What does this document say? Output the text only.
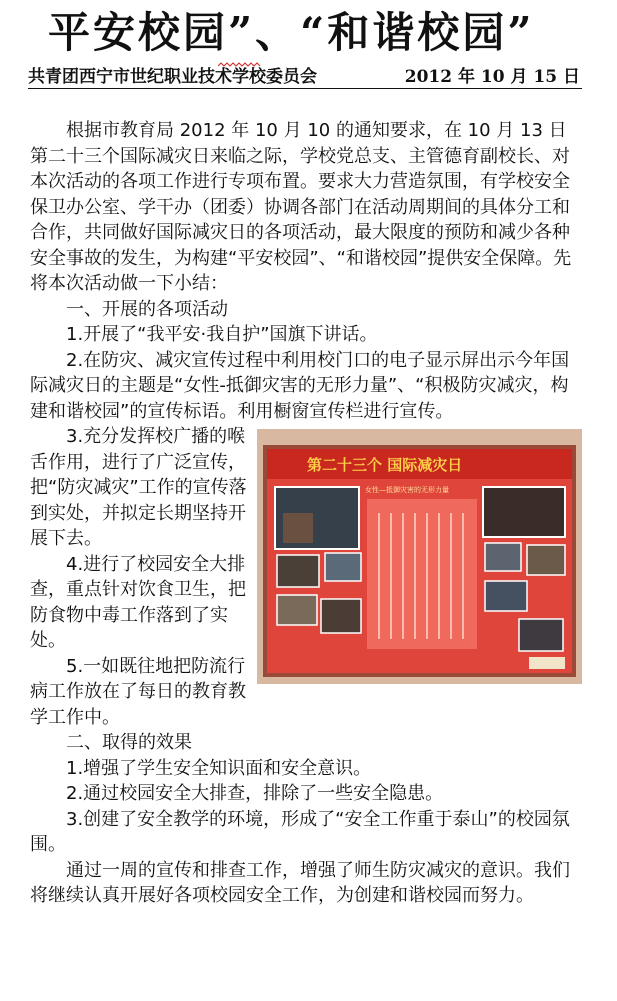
平安校园”、“和谐校园”
共青团西宁市世纪职业技术学校委员会	2012 年 10 月 15 日

根据市教育局 2012 年 10 月 10 的通知要求，在 10 月 13 日第二十三个国际减灾日来临之际，学校党总支、主管德育副校长、对本次活动的各项工作进行专项布置。要求大力营造氛围，有学校安全保卫办公室、学干办（团委）协调各部门在活动周期间的具体分工和合作，共同做好国际减灾日的各项活动，最大限度的预防和减少各种安全事故的发生，为构建“平安校园”、“和谐校园”提供安全保障。先将本次活动做一下小结：

一、开展的各项活动

1.开展了“我平安·我自护”国旗下讲话。

2.在防灾、减灾宣传过程中利用校门口的电子显示屏出示今年国际减灾日的主题是“女性-抵御灾害的无形力量”、“积极防灾减灾，构建和谐校园”的宣传标语。利用橱窗宣传栏进行宣传。

第二十三个 国际减灾日
女性—抵御灾害的无形力量

3.充分发挥校广播的喉舌作用，进行了广泛宣传，把“防灾减灾”工作的宣传落到实处，并拟定长期坚持开展下去。

4.进行了校园安全大排查，重点针对饮食卫生，把防食物中毒工作落到了实处。

5.一如既往地把防流行病工作放在了每日的教育教学工作中。

二、取得的效果

1.增强了学生安全知识面和安全意识。

2.通过校园安全大排查，排除了一些安全隐患。

3.创建了安全教学的环境，形成了“安全工作重于泰山”的校园氛围。

通过一周的宣传和排查工作，增强了师生防灾减灾的意识。我们将继续认真开展好各项校园安全工作，为创建和谐校园而努力。
